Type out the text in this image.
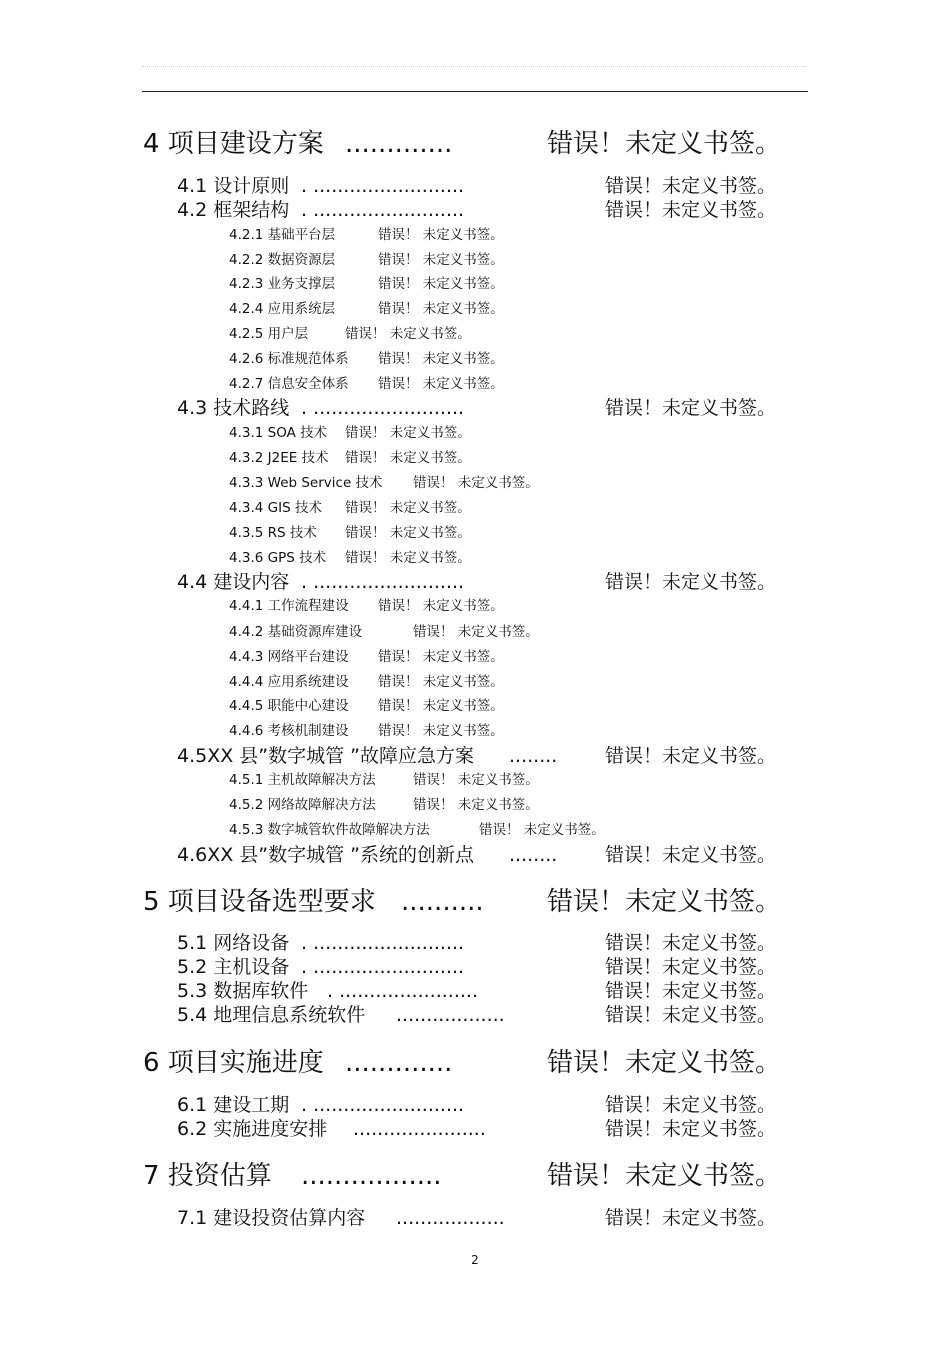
4 项目建设方案 .............	错误！未定义书签。
4.1 设计原则 . .........................	错误！未定义书签。
4.2 框架结构 . .........................	错误！未定义书签。
4.2.1 基础平台层	错误！ 未定义书签。
4.2.2 数据资源层	错误！ 未定义书签。
4.2.3 业务支撑层	错误！ 未定义书签。
4.2.4 应用系统层	错误！ 未定义书签。
4.2.5 用户层	错误！ 未定义书签。
4.2.6 标准规范体系 错误！ 未定义书签。
4.2.7 信息安全体系 错误！ 未定义书签。
4.3 技术路线 . .........................	错误！未定义书签。
4.3.1 SOA 技术 错误！ 未定义书签。
4.3.2 J2EE 技术 错误！ 未定义书签。
4.3.3 Web Service 技术 错误！ 未定义书签。
4.3.4 GIS 技术 错误！ 未定义书签。
4.3.5 RS 技术 错误！ 未定义书签。
4.3.6 GPS 技术 错误！ 未定义书签。
4.4 建设内容 . .........................	错误！未定义书签。
4.4.1 工作流程建设 错误！ 未定义书签。
4.4.2 基础资源库建设	错误！ 未定义书签。
4.4.3 网络平台建设 错误！ 未定义书签。
4.4.4 应用系统建设 错误！ 未定义书签。
4.4.5 职能中心建设 错误！ 未定义书签。
4.4.6 考核机制建设 错误！ 未定义书签。
4.5XX 县”数字城管 ”故障应急方案 ........	错误！未定义书签。
4.5.1 主机故障解决方法	错误！ 未定义书签。
4.5.2 网络故障解决方法	错误！ 未定义书签。
4.5.3 数字城管软件故障解决方法	错误！ 未定义书签。
4.6XX 县”数字城管 ”系统的创新点 ........	错误！未定义书签。
5 项目设备选型要求 .......... 错误！未定义书签。
5.1 网络设备 . .........................	错误！未定义书签。
5.2 主机设备 . .........................	错误！未定义书签。
5.3 数据库软件 . .......................	错误！未定义书签。
5.4 地理信息系统软件 ..................	错误！未定义书签。
6 项目实施进度 .............	错误！未定义书签。
6.1 建设工期 . .........................	错误！未定义书签。
6.2 实施进度安排 ......................	错误！未定义书签。
7 投资估算 .................	错误！未定义书签。
7.1 建设投资估算内容 ..................	错误！未定义书签。
2
